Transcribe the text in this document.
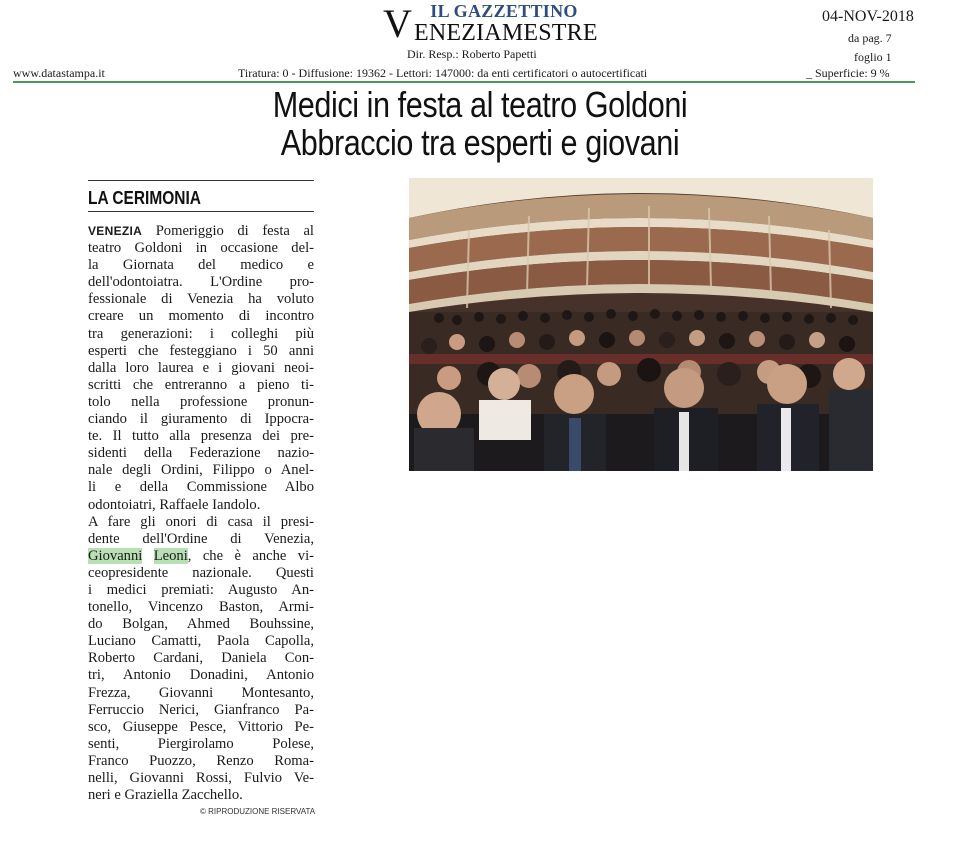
IL GAZZETTINO
V ENEZIAMESTRE
Dir. Resp.: Roberto Papetti
04-NOV-2018
da pag. 7
foglio 1
www.datastampa.it	Tiratura: 0 - Diffusione: 19362 - Lettori: 147000: da enti certificatori o autocertificati	_ Superficie: 9 %
Medici in festa al teatro Goldoni
Abbraccio tra esperti e giovani
LA CERIMONIA
VENEZIA Pomeriggio di festa al
teatro Goldoni in occasione del-
la Giornata del medico e
dell'odontoiatra. L'Ordine pro-
fessionale di Venezia ha voluto
creare un momento di incontro
tra generazioni: i colleghi più
esperti che festeggiano i 50 anni
dalla loro laurea e i giovani neoi-
scritti che entreranno a pieno ti-
tolo nella professione pronun-
ciando il giuramento di Ippocra-
te. Il tutto alla presenza dei pre-
sidenti della Federazione nazio-
nale degli Ordini, Filippo o Anel-
li e della Commissione Albo
odontoiatri, Raffaele Iandolo.
A fare gli onori di casa il presi-
dente dell'Ordine di Venezia,
Giovanni Leoni, che è anche vi-
ceopresidente nazionale. Questi
i medici premiati: Augusto An-
tonello, Vincenzo Baston, Armi-
do Bolgan, Ahmed Bouhssine,
Luciano Camatti, Paola Capolla,
Roberto Cardani, Daniela Con-
tri, Antonio Donadini, Antonio
Frezza, Giovanni Montesanto,
Ferruccio Nerici, Gianfranco Pa-
sco, Giuseppe Pesce, Vittorio Pe-
senti, Piergirolamo Polese,
Franco Puozzo, Renzo Roma-
nelli, Giovanni Rossi, Fulvio Ve-
neri e Graziella Zacchello.
© RIPRODUZIONE RISERVATA
